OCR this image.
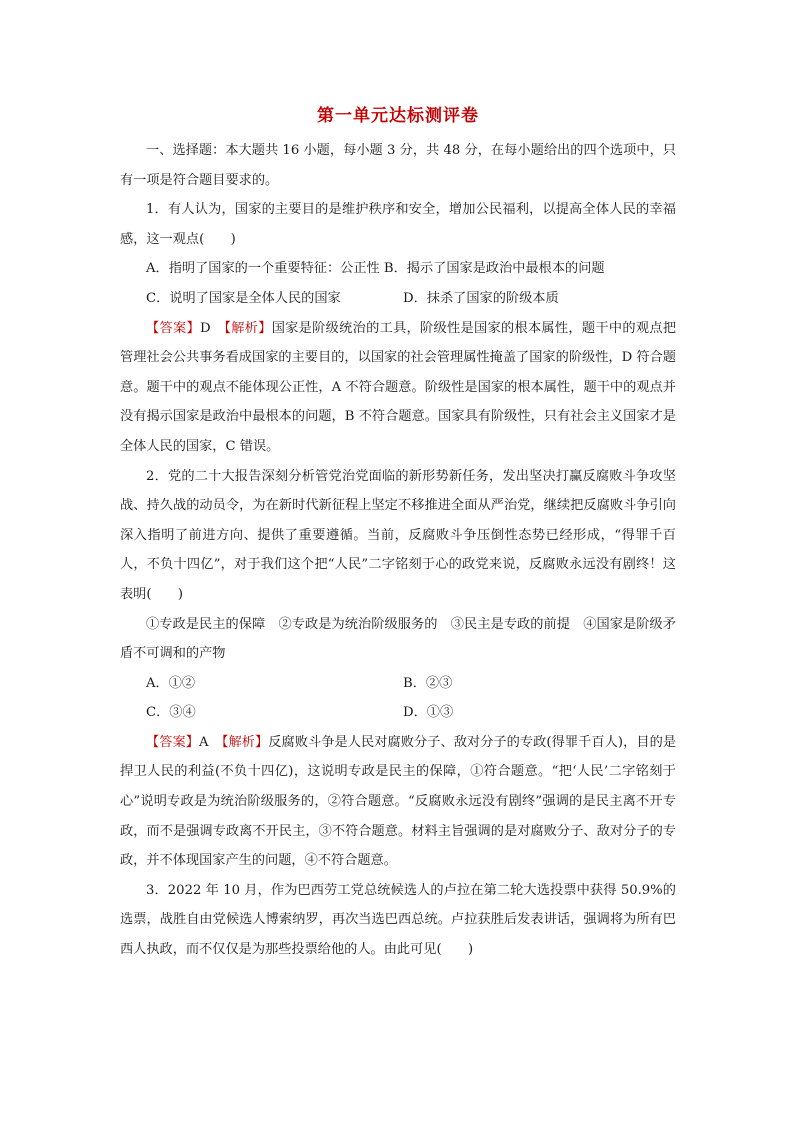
第一单元达标测评卷

一、选择题：本大题共 16 小题，每小题 3 分，共 48 分，在每小题给出的四个选项中，只有一项是符合题目要求的。

1．有人认为，国家的主要目的是维护秩序和安全，增加公民福利，以提高全体人民的幸福感，这一观点(　　)

A．指明了国家的一个重要特征：公正性 B．揭示了国家是政治中最根本的问题

C．说明了国家是全体人民的国家	D．抹杀了国家的阶级本质

【答案】D　 【解析】国家是阶级统治的工具，阶级性是国家的根本属性，题干中的观点把管理社会公共事务看成国家的主要目的，以国家的社会管理属性掩盖了国家的阶级性，D 符合题意。题干中的观点不能体现公正性，A 不符合题意。阶级性是国家的根本属性，题干中的观点并没有揭示国家是政治中最根本的问题，B 不符合题意。国家具有阶级性，只有社会主义国家才是全体人民的国家，C 错误。

2．党的二十大报告深刻分析管党治党面临的新形势新任务，发出坚决打赢反腐败斗争攻坚战、持久战的动员令，为在新时代新征程上坚定不移推进全面从严治党，继续把反腐败斗争引向深入指明了前进方向、提供了重要遵循。当前，反腐败斗争压倒性态势已经形成，“得罪千百人，不负十四亿”，对于我们这个把“人民”二字铭刻于心的政党来说，反腐败永远没有剧终！这表明(　　)

①专政是民主的保障　②专政是为统治阶级服务的　③民主是专政的前提　④国家是阶级矛盾不可调和的产物

A．①②	B．②③
C．③④	D．①③

【答案】A　 【解析】反腐败斗争是人民对腐败分子、敌对分子的专政(得罪千百人)，目的是捍卫人民的利益(不负十四亿)，这说明专政是民主的保障，①符合题意。“把‘人民’二字铭刻于心”说明专政是为统治阶级服务的，②符合题意。“反腐败永远没有剧终”强调的是民主离不开专政，而不是强调专政离不开民主，③不符合题意。材料主旨强调的是对腐败分子、敌对分子的专政，并不体现国家产生的问题，④不符合题意。

3．2022 年 10 月，作为巴西劳工党总统候选人的卢拉在第二轮大选投票中获得 50.9%的选票，战胜自由党候选人博索纳罗，再次当选巴西总统。卢拉获胜后发表讲话，强调将为所有巴西人执政，而不仅仅是为那些投票给他的人。由此可见(　　)
